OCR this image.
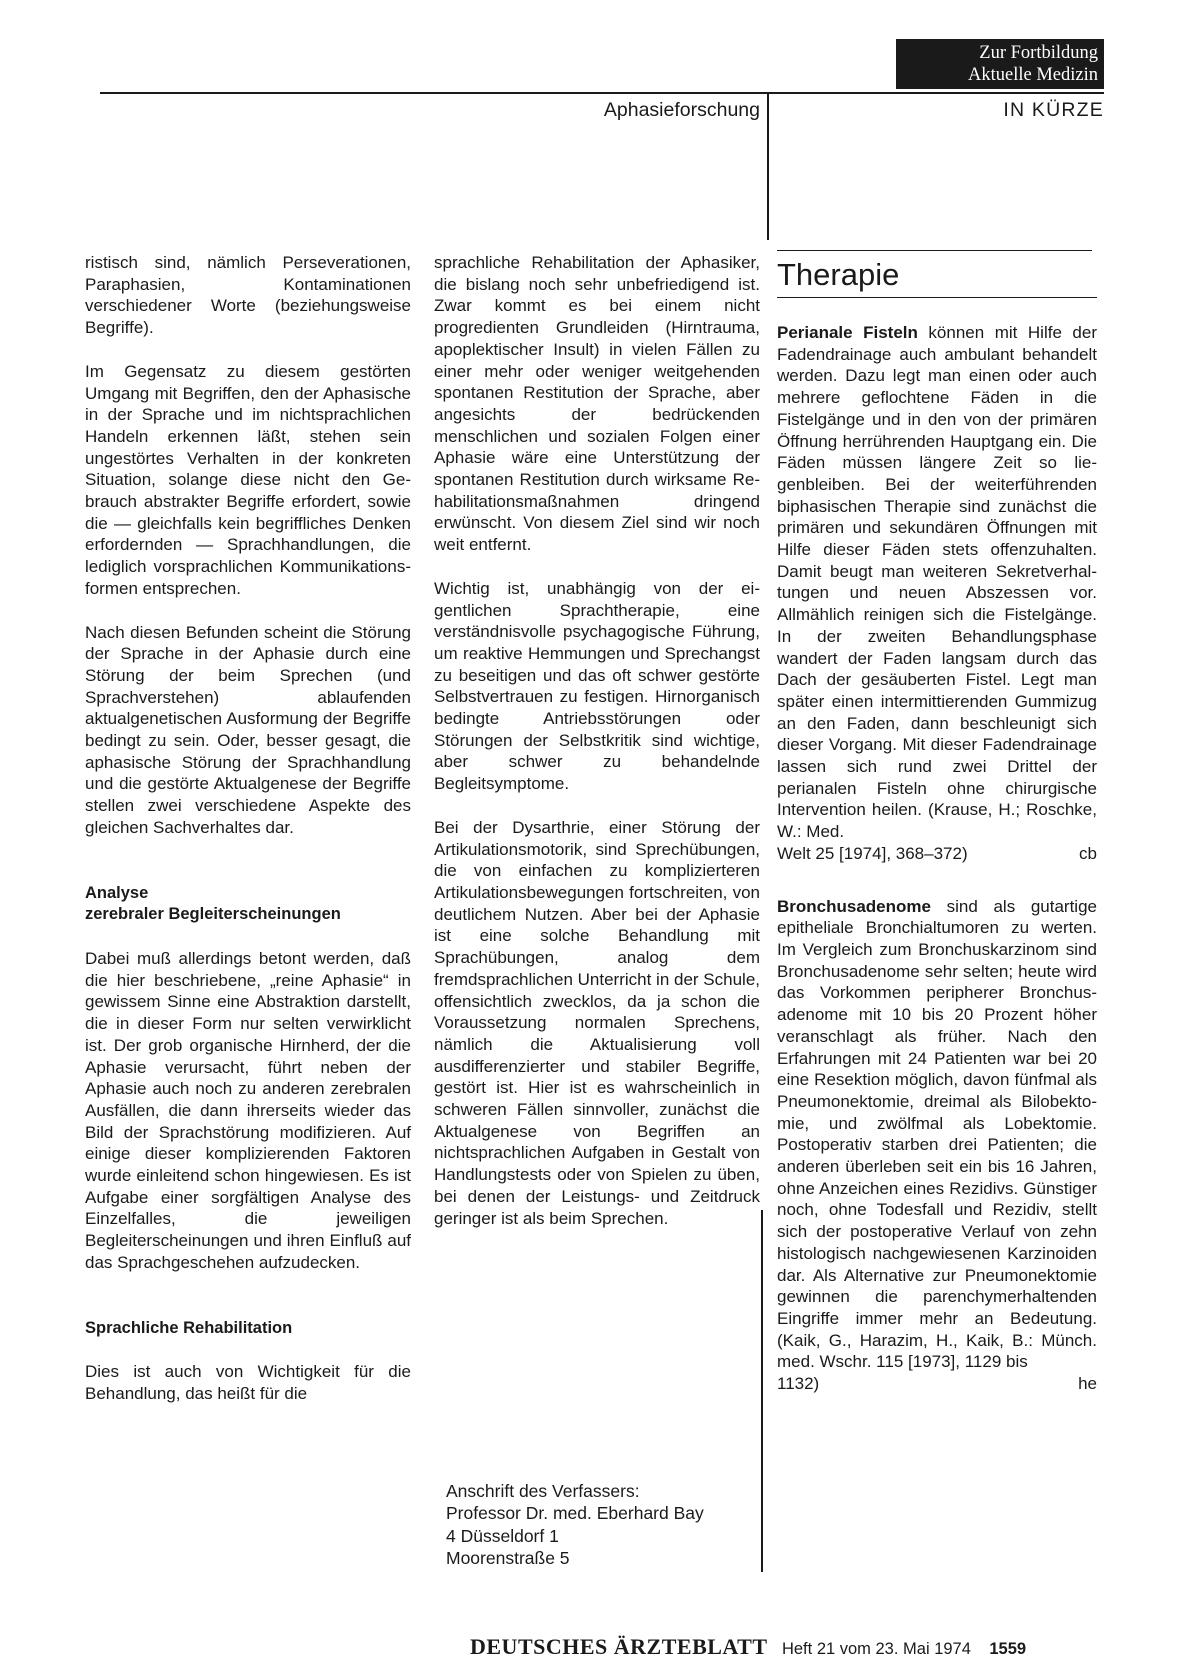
Zur Fortbildung
Aktuelle Medizin
Aphasieforschung	IN KÜRZE

ristisch sind, nämlich Perseverationen, Paraphasien, Kontaminationen verschiedener Worte (beziehungsweise Begriffe).

Im Gegensatz zu diesem gestörten Umgang mit Begriffen, den der Aphasische in der Sprache und im nichtsprachlichen Handeln erkennen läßt, stehen sein ungestörtes Verhalten in der konkreten Situation, solange diese nicht den Gebrauch abstrakter Begriffe erfordert, sowie die — gleichfalls kein begriffliches Denken erfordernden — Sprachhandlungen, die lediglich vorsprachlichen Kommunikationsformen entsprechen.

Nach diesen Befunden scheint die Störung der Sprache in der Aphasie durch eine Störung der beim Sprechen (und Sprachverstehen) ablaufenden aktualgenetischen Ausformung der Begriffe bedingt zu sein. Oder, besser gesagt, die aphasische Störung der Sprachhandlung und die gestörte Aktualgenese der Begriffe stellen zwei verschiedene Aspekte des gleichen Sachverhaltes dar.

Analyse
zerebraler Begleiterscheinungen

Dabei muß allerdings betont werden, daß die hier beschriebene, „reine Aphasie“ in gewissem Sinne eine Abstraktion darstellt, die in dieser Form nur selten verwirklicht ist. Der grob organische Hirnherd, der die Aphasie verursacht, führt neben der Aphasie auch noch zu anderen zerebralen Ausfällen, die dann ihrerseits wieder das Bild der Sprachstörung modifizieren. Auf einige dieser komplizierenden Faktoren wurde einleitend schon hingewiesen. Es ist Aufgabe einer sorgfältigen Analyse des Einzelfalles, die jeweiligen Begleiterscheinungen und ihren Einfluß auf das Sprachgeschehen aufzudecken.

Sprachliche Rehabilitation

Dies ist auch von Wichtigkeit für die Behandlung, das heißt für die

sprachliche Rehabilitation der Aphasiker, die bislang noch sehr unbefriedigend ist. Zwar kommt es bei einem nicht progredienten Grundleiden (Hirntrauma, apoplektischer Insult) in vielen Fällen zu einer mehr oder weniger weitgehenden spontanen Restitution der Sprache, aber angesichts der bedrückenden menschlichen und sozialen Folgen einer Aphasie wäre eine Unterstützung der spontanen Restitution durch wirksame Rehabilitationsmaßnahmen dringend erwünscht. Von diesem Ziel sind wir noch weit entfernt.

Wichtig ist, unabhängig von der eigentlichen Sprachtherapie, eine verständnisvolle psychagogische Führung, um reaktive Hemmungen und Sprechangst zu beseitigen und das oft schwer gestörte Selbstvertrauen zu festigen. Hirnorganisch bedingte Antriebsstörungen oder Störungen der Selbstkritik sind wichtige, aber schwer zu behandelnde Begleitsymptome.

Bei der Dysarthrie, einer Störung der Artikulationsmotorik, sind Sprechübungen, die von einfachen zu komplizierteren Artikulationsbewegungen fortschreiten, von deutlichem Nutzen. Aber bei der Aphasie ist eine solche Behandlung mit Sprachübungen, analog dem fremdsprachlichen Unterricht in der Schule, offensichtlich zwecklos, da ja schon die Voraussetzung normalen Sprechens, nämlich die Aktualisierung voll ausdifferenzierter und stabiler Begriffe, gestört ist. Hier ist es wahrscheinlich in schweren Fällen sinnvoller, zunächst die Aktualgenese von Begriffen an nichtsprachlichen Aufgaben in Gestalt von Handlungstests oder von Spielen zu üben, bei denen der Leistungs- und Zeitdruck geringer ist als beim Sprechen.

Anschrift des Verfassers:
Professor Dr. med. Eberhard Bay
4 Düsseldorf 1
Moorenstraße 5
Therapie

Perianale Fisteln können mit Hilfe der Fadendrainage auch ambulant behandelt werden. Dazu legt man einen oder auch mehrere geflochtene Fäden in die Fistelgänge und in den von der primären Öffnung herrührenden Hauptgang ein. Die Fäden müssen längere Zeit so liegenbleiben. Bei der weiterführenden biphasischen Therapie sind zunächst die primären und sekundären Öffnungen mit Hilfe dieser Fäden stets offenzuhalten. Damit beugt man weiteren Sekretverhaltungen und neuen Abszessen vor. Allmählich reinigen sich die Fistelgänge. In der zweiten Behandlungsphase wandert der Faden langsam durch das Dach der gesäuberten Fistel. Legt man später einen intermittierenden Gummizug an den Faden, dann beschleunigt sich dieser Vorgang. Mit dieser Fadendrainage lassen sich rund zwei Drittel der perianalen Fisteln ohne chirurgische Intervention heilen. (Krause, H.; Roschke, W.: Med.

Welt 25 [1974], 368–372)	cb

Bronchusadenome sind als gutartige epitheliale Bronchialtumoren zu werten. Im Vergleich zum Bronchuskarzinom sind Bronchusadenome sehr selten; heute wird das Vorkommen peripherer Bronchusadenome mit 10 bis 20 Prozent höher veranschlagt als früher. Nach den Erfahrungen mit 24 Patienten war bei 20 eine Resektion möglich, davon fünfmal als Pneumonektomie, dreimal als Bilobektomie, und zwölfmal als Lobektomie. Postoperativ starben drei Patienten; die anderen überleben seit ein bis 16 Jahren, ohne Anzeichen eines Rezidivs. Günstiger noch, ohne Todesfall und Rezidiv, stellt sich der postoperative Verlauf von zehn histologisch nachgewiesenen Karzinoiden dar. Als Alternative zur Pneumonektomie gewinnen die parenchymerhaltenden Eingriffe immer mehr an Bedeutung. (Kaik, G., Harazim, H., Kaik, B.: Münch. med. Wschr. 115 [1973], 1129 bis

1132)	he
DEUTSCHES ÄRZTEBLATT Heft 21 vom 23. Mai 1974 1559
